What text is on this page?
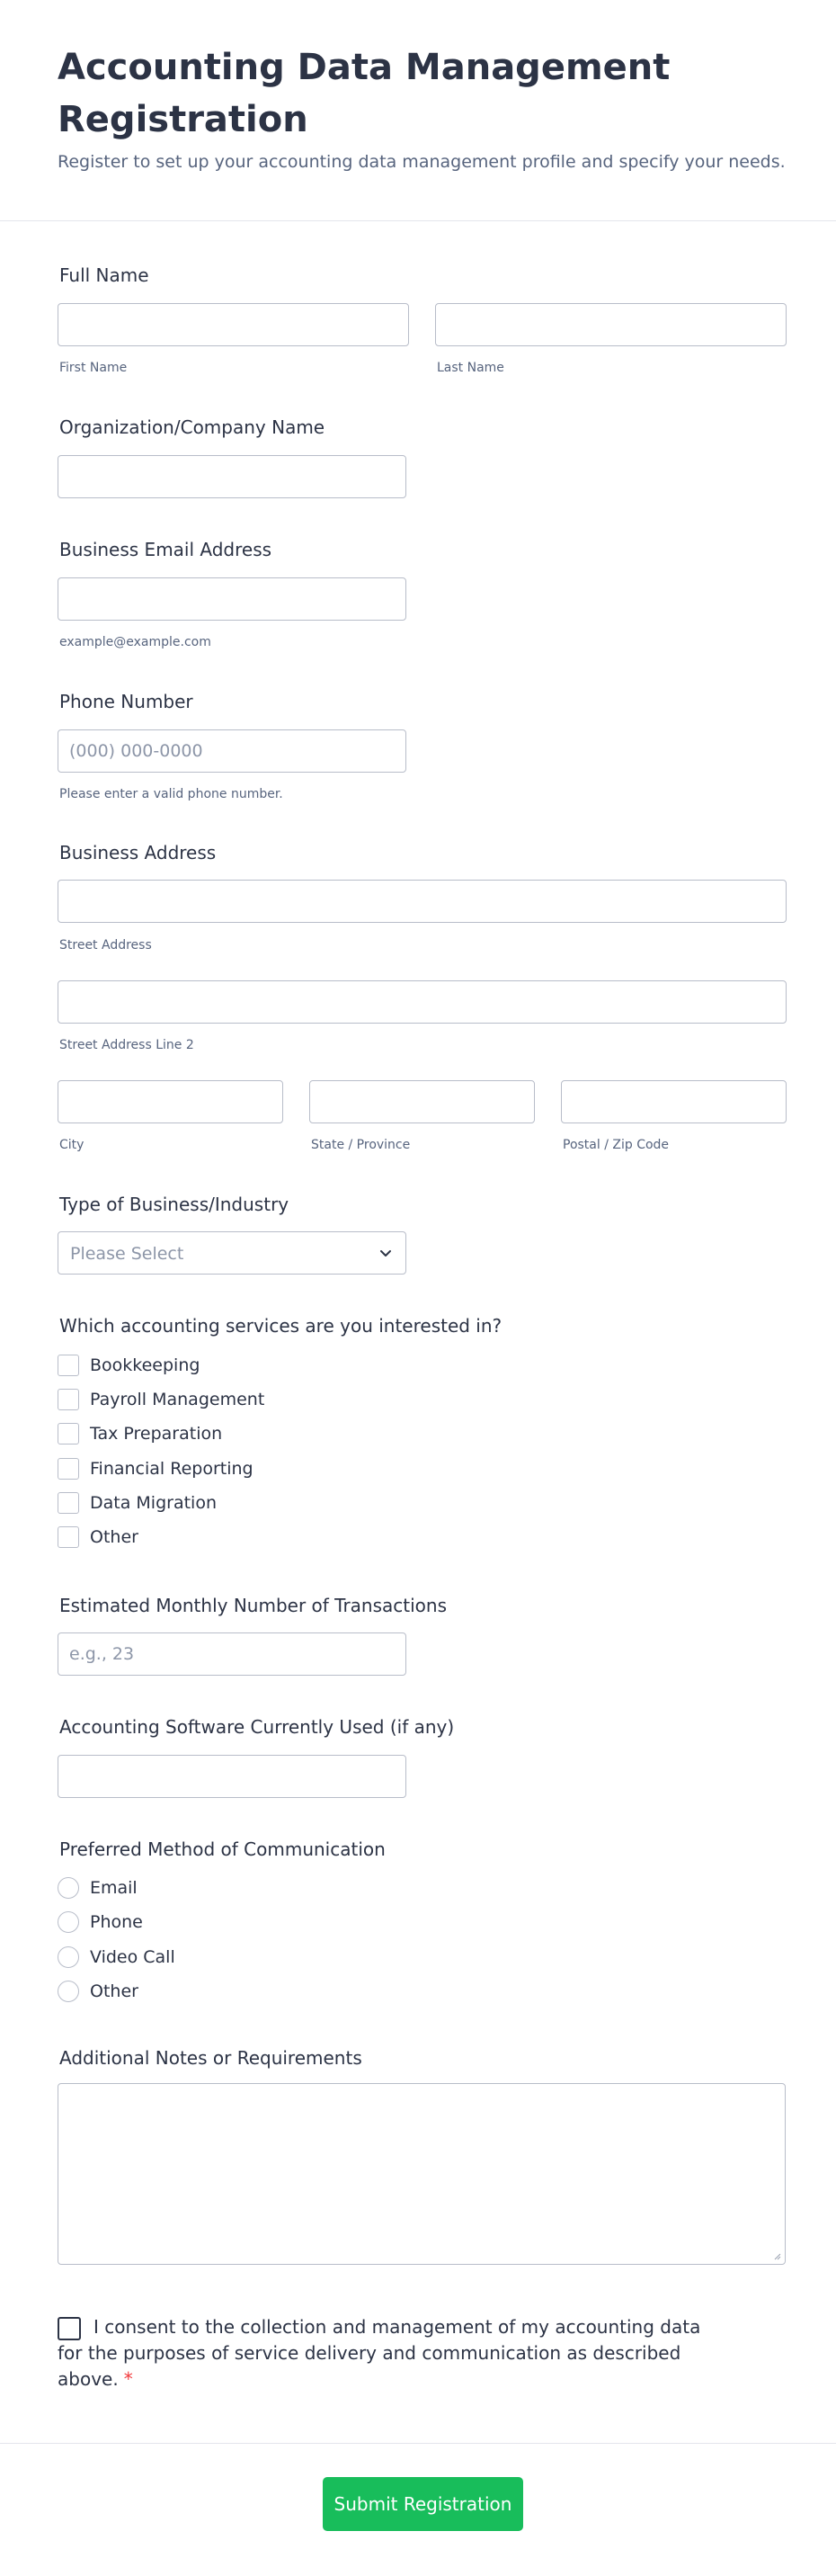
Accounting Data Management Registration

Register to set up your accounting data management profile and specify your needs.

Full Name
First Name	Last Name
Organization/Company Name
Business Email Address
example@example.com
Phone Number
(000) 000-0000
Please enter a valid phone number.
Business Address
Street Address
Street Address Line 2
City	State / Province	Postal / Zip Code
Type of Business/Industry
Please Select
Which accounting services are you interested in?
Bookkeeping
Payroll Management
Tax Preparation
Financial Reporting
Data Migration
Other
Estimated Monthly Number of Transactions
e.g., 23
Accounting Software Currently Used (if any)
Preferred Method of Communication
Email
Phone
Video Call
Other
Additional Notes or Requirements
I consent to the collection and management of my accounting data for the purposes of service delivery and communication as described above. *
Submit Registration
